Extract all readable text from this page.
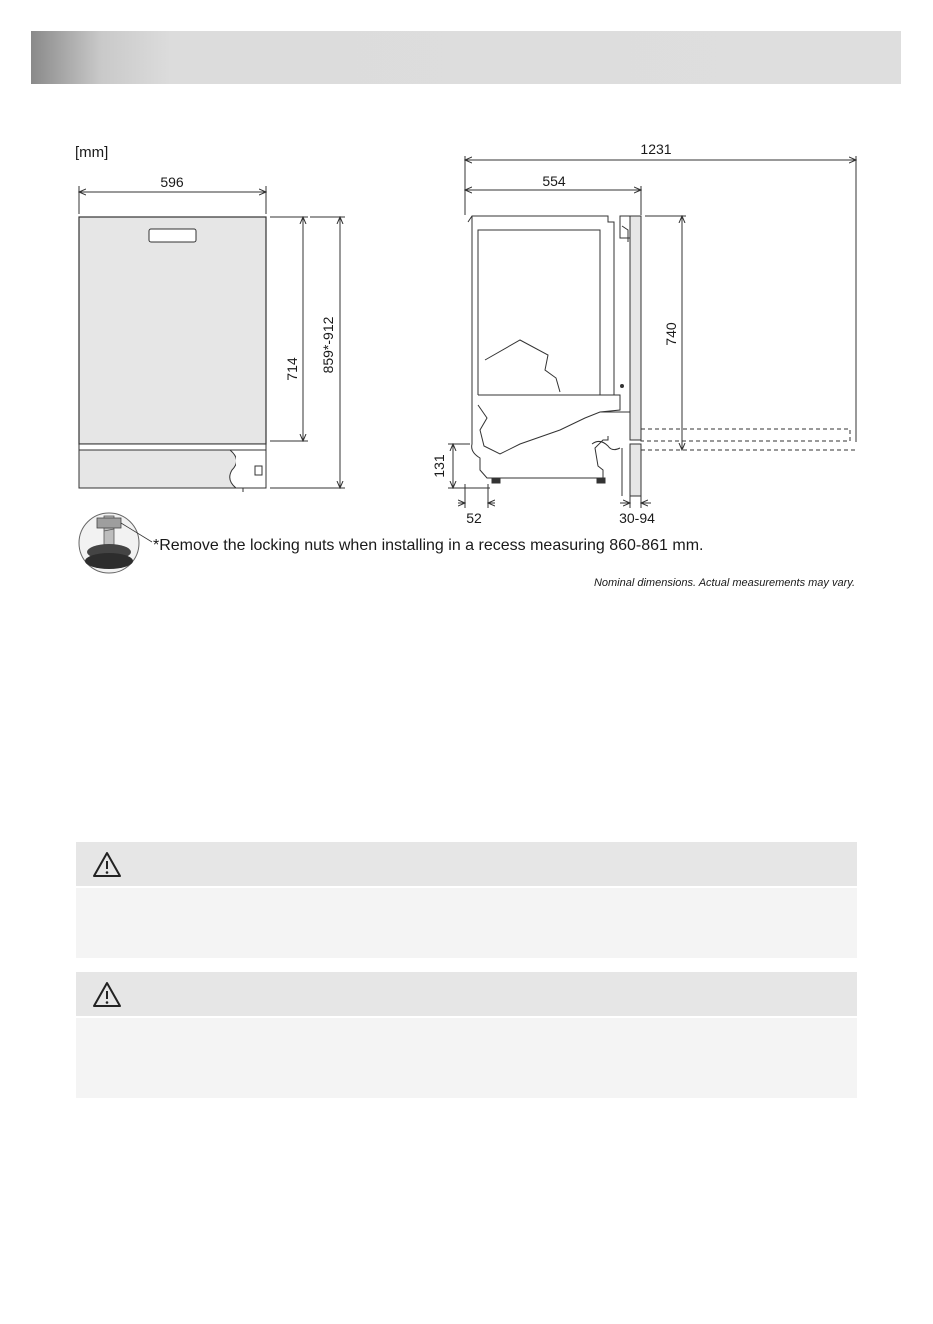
596
714 859*-912
1231
554
740
131
52	30-94
[mm]
*Remove the locking nuts when installing in a recess measuring 860-861 mm.
Nominal dimensions. Actual measurements may vary.
